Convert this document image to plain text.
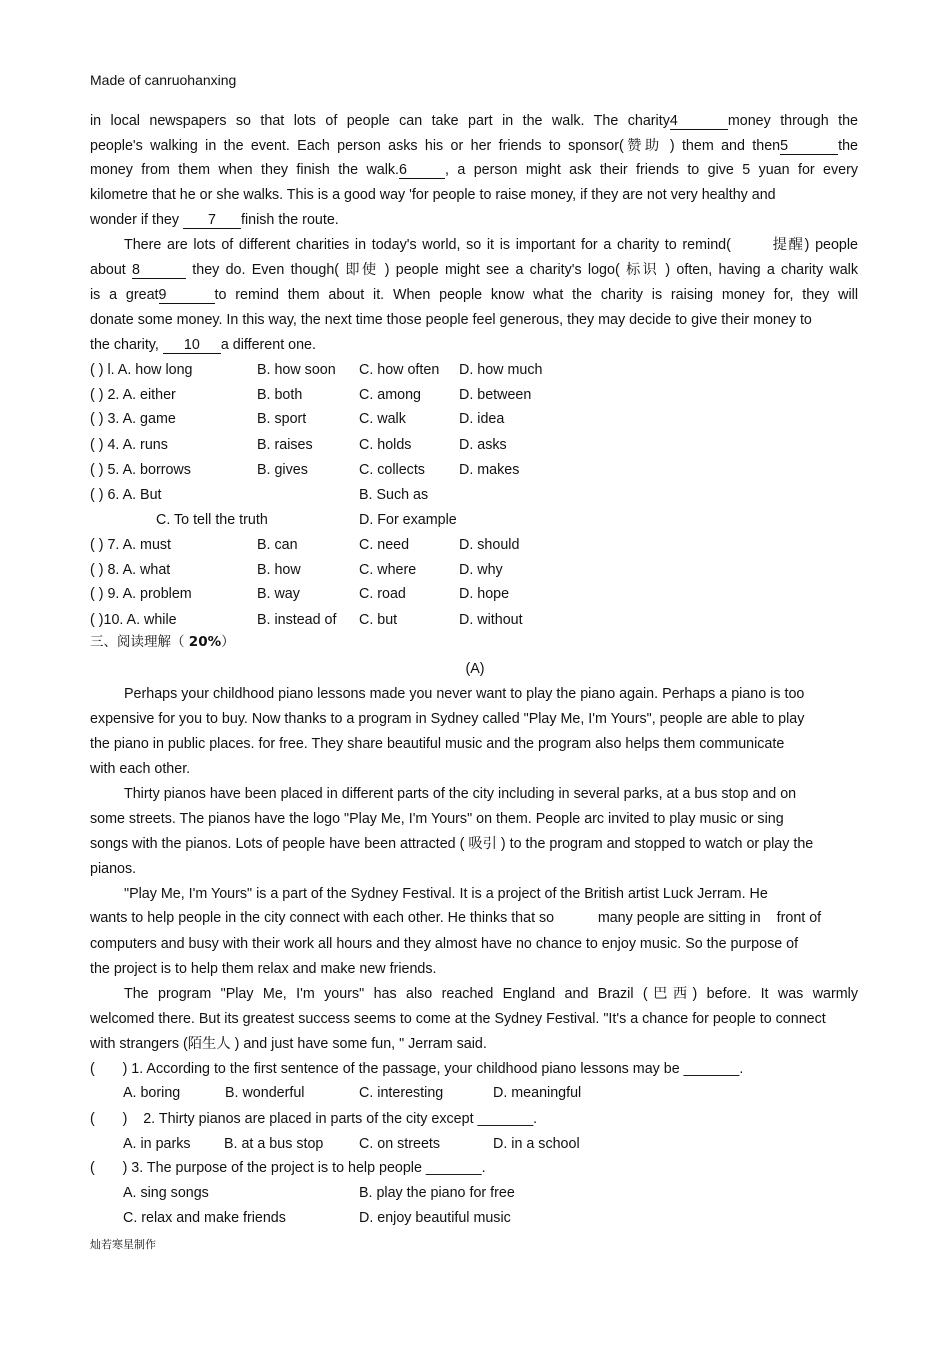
Made of canruohanxing
in local newspapers so that lots of people can take part in the walk. The charity4	money through the
people's walking in the event. Each person asks his or her friends to sponsor(赞助 ) them and then5	the
money from them when they finish the walk.6	, a person might ask their friends to give 5 yuan for every
kilometre that he or she walks. This is a good way 'for people to raise money, if they are not very healthy and
wonder if they 7 finish the route.
There are lots of different charities in today's world, so it is important for a charity to remind(	提醒) people
about 8	they do. Even though( 即使 ) people might see a charity's logo( 标识 ) often, having a charity walk
is a great9	to remind them about it. When people know what the charity is raising money for, they will
donate some money. In this way, the next time those people feel generous, they may decide to give their money to
the charity, 10 a different one.
( ) l. A. how long	B. how soon C. how often D. how much
( ) 2. A. either	B. both	C. among	D. between
( ) 3. A. game	B. sport	C. walk	D. idea
( ) 4. A. runs	B. raises	C. holds	D. asks
( ) 5. A. borrows	B. gives	C. collects D. makes
( ) 6. A. But	B. Such as
C. To tell the truth	D. For example
( ) 7. A. must	B. can	C. need	D. should
( ) 8. A. what	B. how	C. where	D. why
( ) 9. A. problem	B. way	C. road	D. hope
( )10. A. while	B. instead of C. but	D. without
三、阅读理解（ 20%）
(A)
Perhaps your childhood piano lessons made you never want to play the piano again. Perhaps a piano is too
expensive for you to buy. Now thanks to a program in Sydney called "Play Me, I'm Yours", people are able to play
the piano in public places. for free. They share beautiful music and the program also helps them communicate
with each other.
Thirty pianos have been placed in different parts of the city including in several parks, at a bus stop and on
some streets. The pianos have the logo "Play Me, I'm Yours" on them. People arc invited to play music or sing
songs with the pianos. Lots of people have been attracted ( 吸引 ) to the program and stopped to watch or play the
pianos.
"Play Me, I'm Yours" is a part of the Sydney Festival. It is a project of the British artist Luck Jerram. He
wants to help people in the city connect with each other. He thinks that so           many people are sitting in    front of
computers and busy with their work all hours and they almost have no chance to enjoy music. So the purpose of
the project is to help them relax and make new friends.
The program "Play Me, I'm yours" has also reached England and Brazil (巴西) before. It was warmly
welcomed there. But its greatest success seems to come at the Sydney Festival. "It's a chance for people to connect
with strangers (陌生人 ) and just have some fun, " Jerram said.
(       ) 1. According to the first sentence of the passage, your childhood piano lessons may be _______.
A. boring	B. wonderful	C. interesting	D. meaningful
(       )    2. Thirty pianos are placed in parts of the city except _______.
A. in parks B. at a bus stop C. on streets	D. in a school
(       ) 3. The purpose of the project is to help people _______.
A. sing songs	B. play the piano for free
C. relax and make friends	D. enjoy beautiful music
灿若寒星制作
